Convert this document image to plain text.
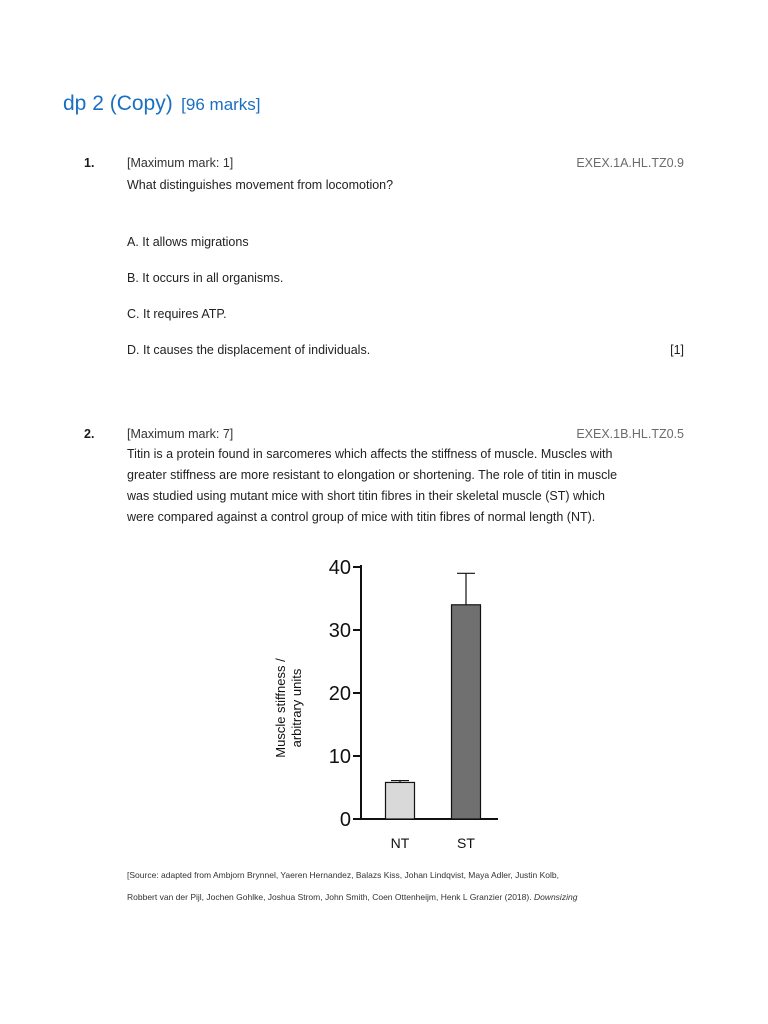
dp 2 (Copy) [96 marks]
1.	[Maximum mark: 1]	EXEX.1A.HL.TZ0.9
What distinguishes movement from locomotion?
A. It allows migrations
B. It occurs in all organisms.
C. It requires ATP.
D. It causes the displacement of individuals.	[1]
2.	[Maximum mark: 7]	EXEX.1B.HL.TZ0.5

Titin is a protein found in sarcomeres which affects the stiffness of muscle. Muscles with
greater stiffness are more resistant to elongation or shortening. The role of titin in muscle
was studied using mutant mice with short titin fibres in their skeletal muscle (ST) which
were compared against a control group of mice with titin fibres of normal length (NT).

0
10
20
30
40
NT	ST
Muscle stiffness / arbitrary units
[Source: adapted from Ambjorn Brynnel, Yaeren Hernandez, Balazs Kiss, Johan Lindqvist, Maya Adler, Justin Kolb,
Robbert van der Pijl, Jochen Gohlke, Joshua Strom, John Smith, Coen Ottenheijm, Henk L Granzier (2018). Downsizing
